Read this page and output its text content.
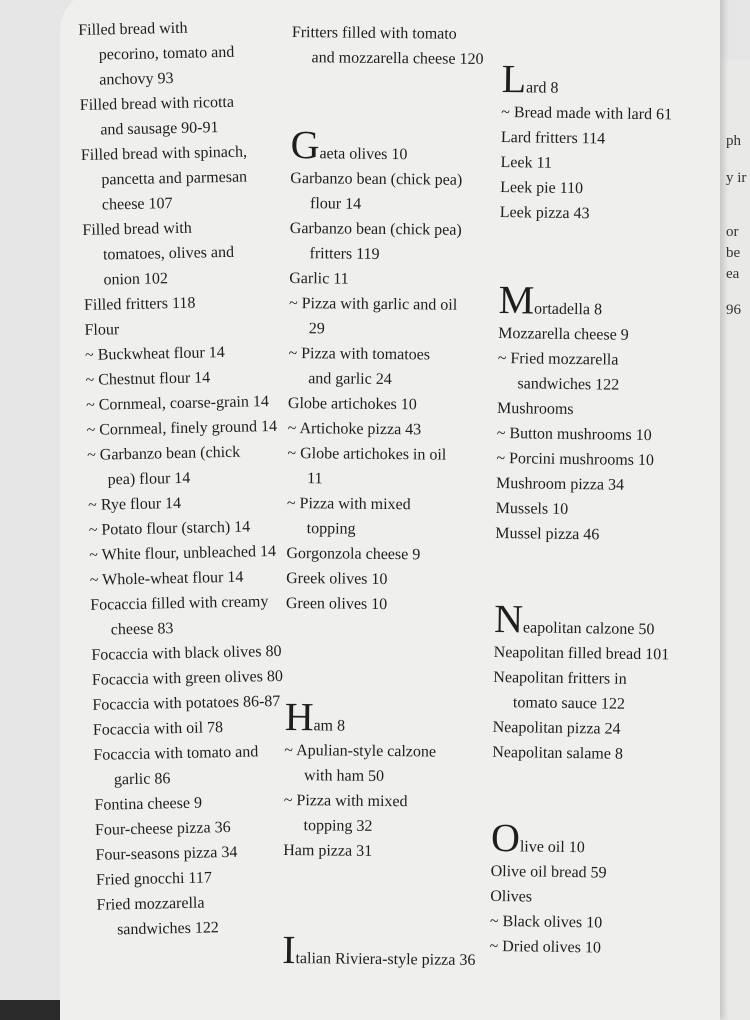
ph
y ir
or
be
ea
96
Filled bread with
pecorino, tomato and
anchovy 93
Filled bread with ricotta
and sausage 90-91
Filled bread with spinach,
pancetta and parmesan
cheese 107
Filled bread with
tomatoes, olives and
onion 102
Filled fritters 118
Flour
~ Buckwheat flour 14
~ Chestnut flour 14
~ Cornmeal, coarse-grain 14
~ Cornmeal, finely ground 14
~ Garbanzo bean (chick
pea) flour 14
~ Rye flour 14
~ Potato flour (starch) 14
~ White flour, unbleached 14
~ Whole-wheat flour 14
Focaccia filled with creamy
cheese 83
Focaccia with black olives 80
Focaccia with green olives 80
Focaccia with potatoes 86-87
Focaccia with oil 78
Focaccia with tomato and
garlic 86
Fontina cheese 9
Four-cheese pizza 36
Four-seasons pizza 34
Fried gnocchi 117
Fried mozzarella
sandwiches 122
Fritters filled with tomato
and mozzarella cheese 120
Gaeta olives 10
Garbanzo bean (chick pea)
flour 14
Garbanzo bean (chick pea)
fritters 119
Garlic 11
~ Pizza with garlic and oil
29
~ Pizza with tomatoes
and garlic 24
Globe artichokes 10
~ Artichoke pizza 43
~ Globe artichokes in oil
11
~ Pizza with mixed
topping
Gorgonzola cheese 9
Greek olives 10
Green olives 10
Ham 8
~ Apulian-style calzone
with ham 50
~ Pizza with mixed
topping 32
Ham pizza 31
Italian Riviera-style pizza 36
Lard 8
~ Bread made with lard 61
Lard fritters 114
Leek 11
Leek pie 110
Leek pizza 43
Mortadella 8
Mozzarella cheese 9
~ Fried mozzarella
sandwiches 122
Mushrooms
~ Button mushrooms 10
~ Porcini mushrooms 10
Mushroom pizza 34
Mussels 10
Mussel pizza 46
Neapolitan calzone 50
Neapolitan filled bread 101
Neapolitan fritters in
tomato sauce 122
Neapolitan pizza 24
Neapolitan salame 8
Olive oil 10
Olive oil bread 59
Olives
~ Black olives 10
~ Dried olives 10
